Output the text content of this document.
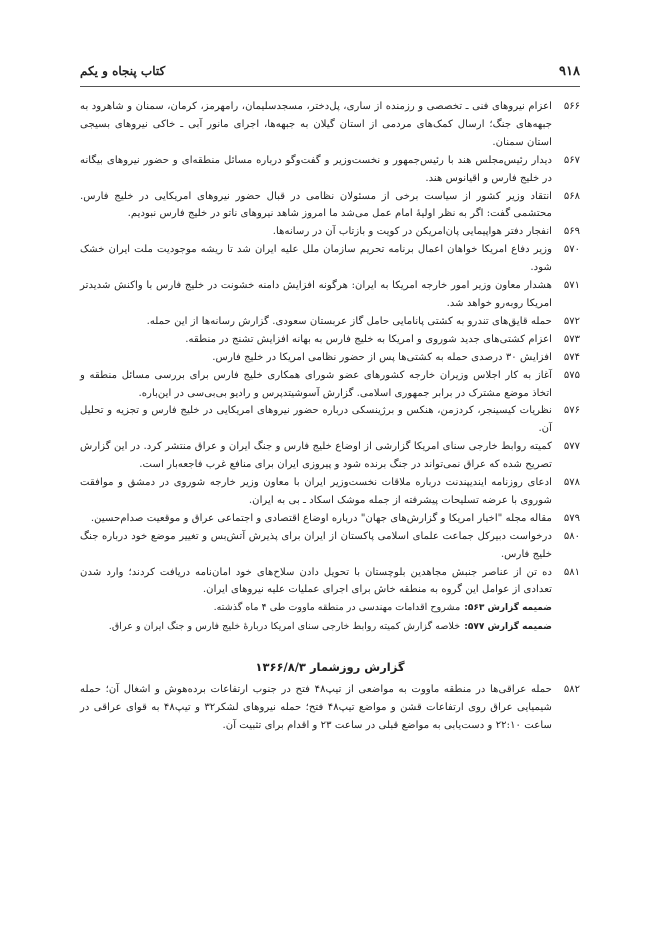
۹۱۸
کتاب پنجاه و یکم
۵۶۶
اعزام نیروهای فنی ـ تخصصی و رزمنده از ساری، پل‌دختر، مسجدسلیمان، رامهرمز، کرمان، سمنان و شاهرود به جبهه‌های جنگ؛ ارسال کمک‌های مردمی از استان گیلان به جبهه‌ها، اجرای مانور آبی ـ خاکی نیروهای بسیجی استان سمنان.
۵۶۷
دیدار رئیس‌مجلس هند با رئیس‌جمهور و نخست‌وزیر و گفت‌وگو درباره مسائل منطقه‌ای و حضور نیروهای بیگانه در خلیج فارس و اقیانوس هند.
۵۶۸
انتقاد وزیر کشور از سیاست برخی از مسئولان نظامی در قبال حضور نیروهای امریکایی در خلیج فارس. محتشمی گفت: اگر به نظر اولیهٔ امام عمل می‌شد ما امروز شاهد نیروهای ناتو در خلیج فارس نبودیم.
۵۶۹
انفجار دفتر هواپیمایی پان‌امریکن در کویت و بازتاب آن در رسانه‌ها.
۵۷۰
وزیر دفاع امریکا خواهان اعمال برنامه تحریم سازمان ملل علیه ایران شد تا ریشه موجودیت ملت ایران خشک شود.
۵۷۱
هشدار معاون وزیر امور خارجه امریکا به ایران: هرگونه افزایش دامنه خشونت در خلیج فارس با واکنش شدیدتر امریکا روبه‌رو خواهد شد.
۵۷۲
حمله قایق‌های تندرو به کشتی پانامایی حامل گاز عربستان سعودی. گزارش رسانه‌ها از این حمله.
۵۷۳
اعزام کشتی‌های جدید شوروی و امریکا به خلیج فارس به بهانه افزایش تشنج در منطقه.
۵۷۴
افزایش ۳۰ درصدی حمله به کشتی‌ها پس از حضور نظامی امریکا در خلیج فارس.
۵۷۵
آغاز به کار اجلاس وزیران خارجه کشورهای عضو شورای همکاری خلیج فارس برای بررسی مسائل منطقه و اتخاذ موضع مشترک در برابر جمهوری اسلامی. گزارش آسوشیتدپرس و رادیو بی‌بی‌سی در این‌باره.
۵۷۶
نظریات کیسینجر، کردزمن، هنکس و برژینسکی درباره حضور نیروهای امریکایی در خلیج فارس و تجزیه و تحلیل آن.
۵۷۷
کمیته روابط خارجی سنای امریکا گزارشی از اوضاع خلیج فارس و جنگ ایران و عراق منتشر کرد. در این گزارش تصریح شده که عراق نمی‌تواند در جنگ برنده شود و پیروزی ایران برای منافع غرب فاجعه‌بار است.
۵۷۸
ادعای روزنامه ایندیپندنت درباره ملاقات نخست‌وزیر ایران با معاون وزیر خارجه شوروی در دمشق و موافقت شوروی با عرضه تسلیحات پیشرفته از جمله موشک اسکاد ـ بی به ایران.
۵۷۹
مقاله مجله "اخبار امریکا و گزارش‌های جهان" درباره اوضاع اقتصادی و اجتماعی عراق و موقعیت صدام‌حسین.
۵۸۰
درخواست دبیرکل جماعت علمای اسلامی پاکستان از ایران برای پذیرش آتش‌بس و تغییر موضع خود درباره جنگ خلیج فارس.
۵۸۱
ده تن از عناصر جنبش مجاهدین بلوچستان با تحویل دادن سلاح‌های خود امان‌نامه دریافت کردند؛ وارد شدن تعدادی از عوامل این گروه به منطقه خاش برای اجرای عملیات علیه نیروهای ایران.
ضمیمه گزارش ۵۶۳:مشروح اقدامات مهندسی در منطقه ماووت طی ۴ ماه گذشته.
ضمیمه گزارش ۵۷۷:خلاصه گزارش کمیته روابط خارجی سنای امریکا دربارهٔ خلیج فارس و جنگ ایران و عراق.
گزارش روزشمار ۱۳۶۶/۸/۳
۵۸۲
حمله عراقی‌ها در منطقه ماووت به مواضعی از تیپ۴۸ فتح در جنوب ارتفاعات برده‌هوش و اشغال آن؛ حمله شیمیایی عراق روی ارتفاعات قشن و مواضع تیپ۴۸ فتح؛ حمله نیروهای لشکر۳۲ و تیپ۴۸ به قوای عراقی در ساعت ۲۲:۱۰ و دست‌یابی به مواضع قبلی در ساعت ۲۳ و اقدام برای تثبیت آن.
